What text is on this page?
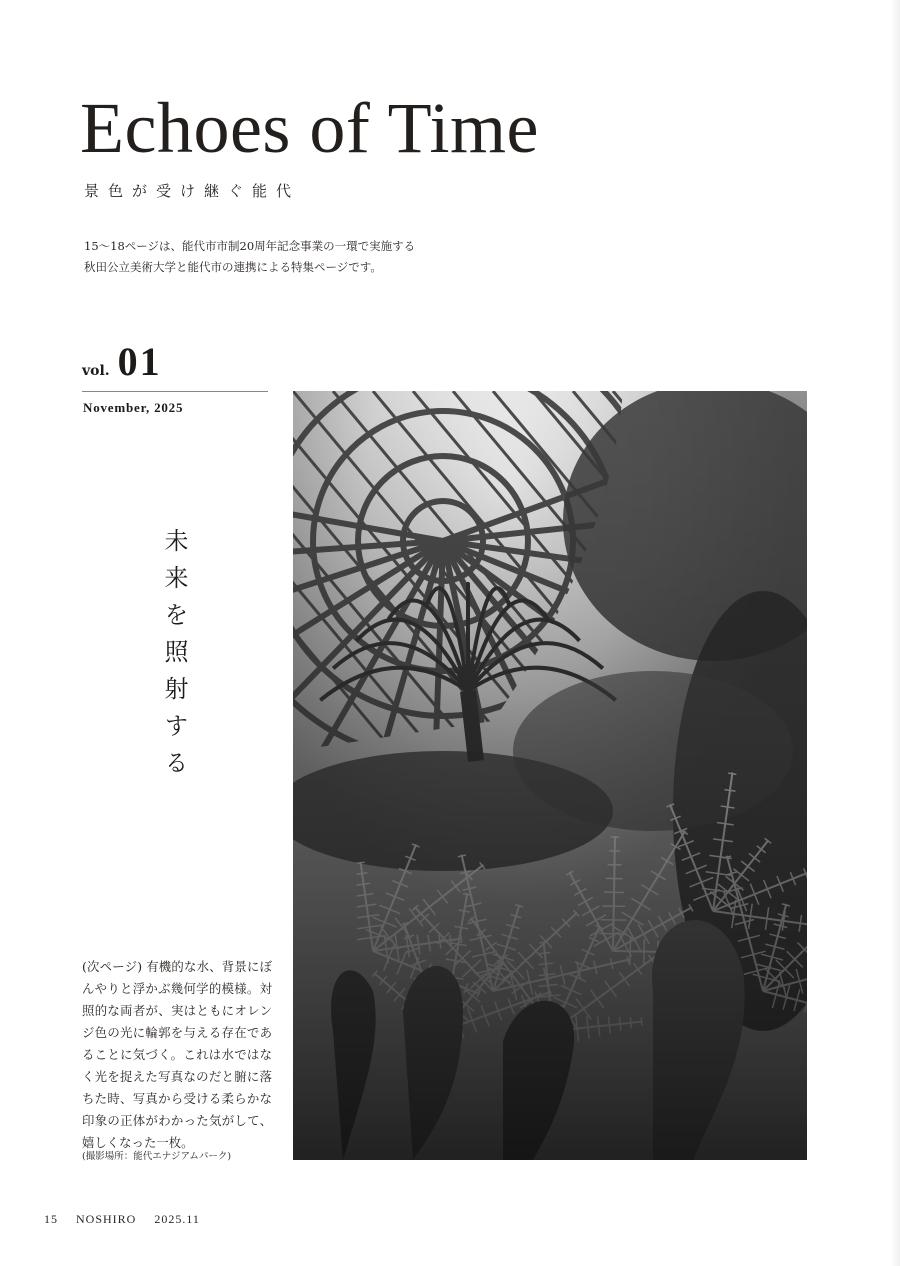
Echoes of Time
景色が受け継ぐ能代
15〜18ページは、能代市市制20周年記念事業の一環で実施する
秋田公立美術大学と能代市の連携による特集ページです。
vol. 01
November, 2025
未来を照射する
(次ページ) 有機的な水、背景にぼんやりと浮かぶ幾何学的模様。対照的な両者が、実はともにオレンジ色の光に輪郭を与える存在であることに気づく。これは水ではなく光を捉えた写真なのだと腑に落ちた時、写真から受ける柔らかな印象の正体がわかった気がして、嬉しくなった一枚。
(撮影場所：能代エナジアムパーク)
15 NOSHIRO 2025.11
